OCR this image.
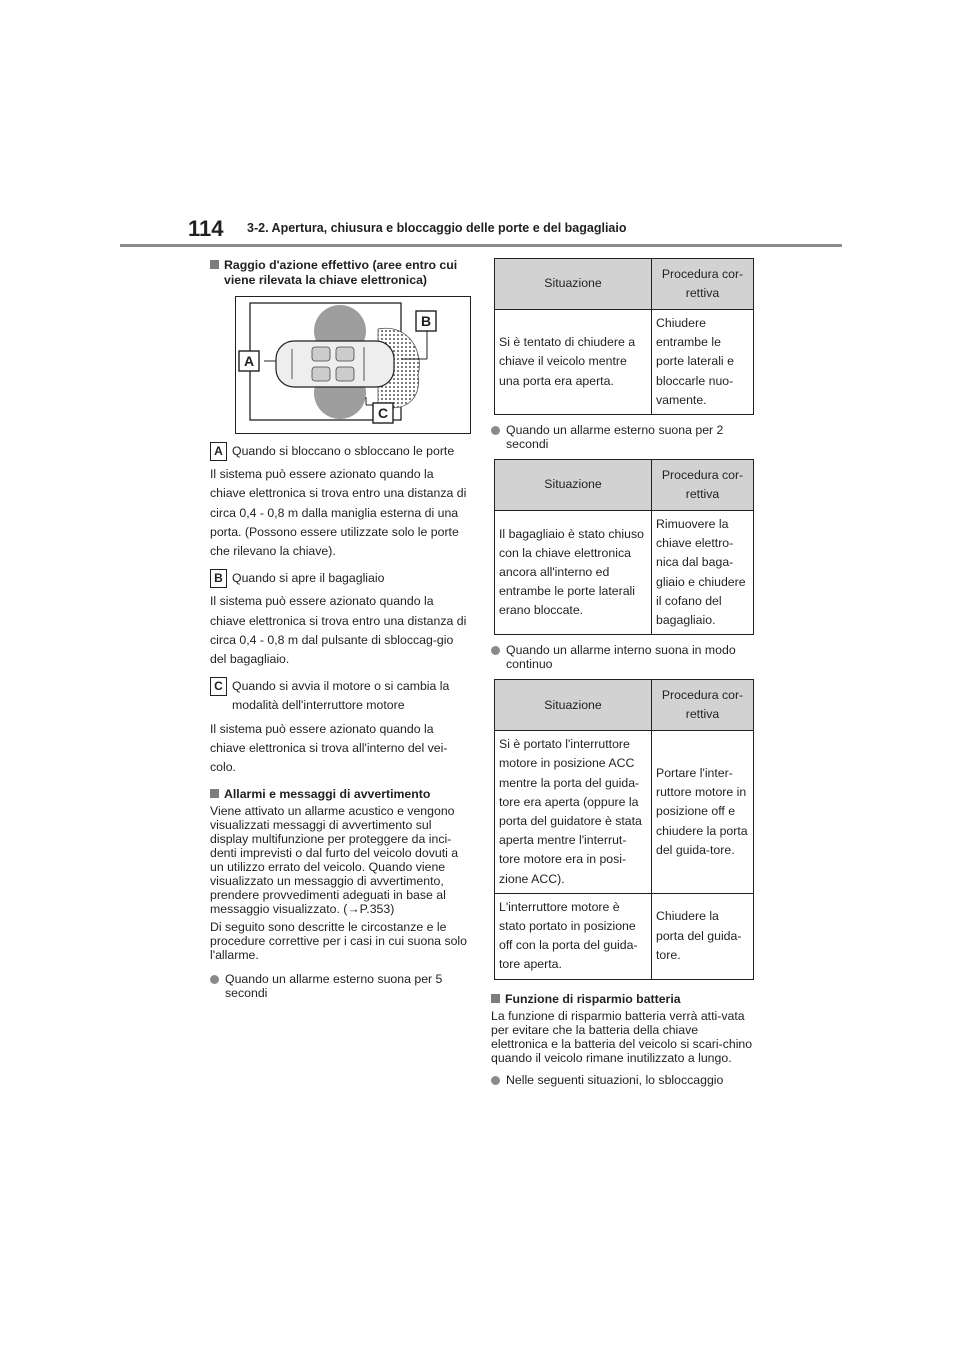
114 3-2. Apertura, chiusura e bloccaggio delle porte e del bagagliaio
Raggio d'azione effettivo (aree entro cui viene rilevata la chiave elettronica)
A
B
C
A Quando si bloccano o sbloccano le porte

Il sistema può essere azionato quando la chiave elettronica si trova entro una distanza di circa 0,4 - 0,8 m dalla maniglia esterna di una porta. (Possono essere utilizzate solo le porte che rilevano la chiave).

B Quando si apre il bagagliaio

Il sistema può essere azionato quando la chiave elettronica si trova entro una distanza di circa 0,4 - 0,8 m dal pulsante di sbloccag-gio del bagagliaio.

C Quando si avvia il motore o si cambia la modalità dell'interruttore motore

Il sistema può essere azionato quando la chiave elettronica si trova all'interno del vei-colo.

Allarmi e messaggi di avvertimento

Viene attivato un allarme acustico e vengono visualizzati messaggi di avvertimento sul display multifunzione per proteggere da inci-denti imprevisti o dal furto del veicolo dovuti a un utilizzo errato del veicolo. Quando viene visualizzato un messaggio di avvertimento, prendere provvedimenti adeguati in base al messaggio visualizzato. (→P.353)

Di seguito sono descritte le circostanze e le procedure correttive per i casi in cui suona solo l'allarme.

Quando un allarme esterno suona per 5 secondi
Situazione	Procedura cor-rettiva
Si è tentato di chiudere a chiave il veicolo mentre una porta era aperta.	Chiudere entrambe le porte laterali e bloccarle nuo-vamente.
Quando un allarme esterno suona per 2 secondi
Situazione	Procedura cor-rettiva
Il bagagliaio è stato chiuso con la chiave elettronica ancora all'interno ed entrambe le porte laterali erano bloccate.	Rimuovere la chiave elettro-nica dal baga-gliaio e chiudere il cofano del bagagliaio.
Quando un allarme interno suona in modo continuo
Situazione	Procedura cor-rettiva
Si è portato l'interruttore motore in posizione ACC mentre la porta del guida-tore era aperta (oppure la porta del guidatore è stata aperta mentre l'interrut-tore motore era in posi-zione ACC).	Portare l'inter-ruttore motore in posizione off e chiudere la porta del guida-tore.
L'interruttore motore è stato portato in posizione off con la porta del guida-tore aperta.	Chiudere la porta del guida-tore.
Funzione di risparmio batteria

La funzione di risparmio batteria verrà atti-vata per evitare che la batteria della chiave elettronica e la batteria del veicolo si scari-chino quando il veicolo rimane inutilizzato a lungo.

Nelle seguenti situazioni, lo sbloccaggio
